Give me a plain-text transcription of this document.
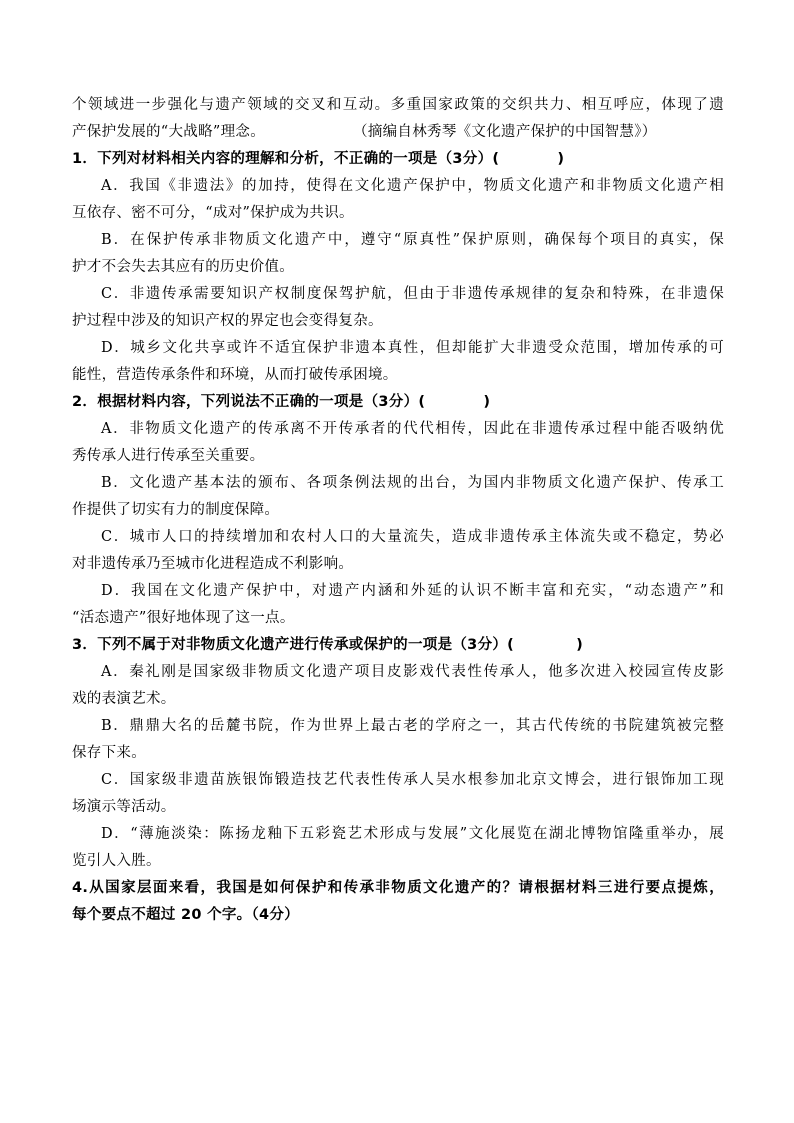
个领域进一步强化与遗产领域的交叉和互动。多重国家政策的交织共力、相互呼应，体现了遗
产保护发展的“大战略”理念。	（摘编自林秀琴《文化遗产保护的中国智慧》）
1．下列对材料相关内容的理解和分析，不正确的一项是（3分）(	)
A．我国《非遗法》的加持，使得在文化遗产保护中，物质文化遗产和非物质文化遗产相
互依存、密不可分，“成对”保护成为共识。
B．在保护传承非物质文化遗产中，遵守“原真性”保护原则，确保每个项目的真实，保
护才不会失去其应有的历史价值。
C．非遗传承需要知识产权制度保驾护航，但由于非遗传承规律的复杂和特殊，在非遗保
护过程中涉及的知识产权的界定也会变得复杂。
D．城乡文化共享或许不适宜保护非遗本真性，但却能扩大非遗受众范围，增加传承的可
能性，营造传承条件和环境，从而打破传承困境。
2．根据材料内容，下列说法不正确的一项是（3分）(	)
A．非物质文化遗产的传承离不开传承者的代代相传，因此在非遗传承过程中能否吸纳优
秀传承人进行传承至关重要。
B．文化遗产基本法的颁布、各项条例法规的出台，为国内非物质文化遗产保护、传承工
作提供了切实有力的制度保障。
C．城市人口的持续增加和农村人口的大量流失，造成非遗传承主体流失或不稳定，势必
对非遗传承乃至城市化进程造成不利影响。
D．我国在文化遗产保护中，对遗产内涵和外延的认识不断丰富和充实，“动态遗产”和
“活态遗产”很好地体现了这一点。
3．下列不属于对非物质文化遗产进行传承或保护的一项是（3分）(	)
A．秦礼刚是国家级非物质文化遗产项目皮影戏代表性传承人，他多次进入校园宣传皮影
戏的表演艺术。
B．鼎鼎大名的岳麓书院，作为世界上最古老的学府之一，其古代传统的书院建筑被完整
保存下来。
C．国家级非遗苗族银饰锻造技艺代表性传承人吴水根参加北京文博会，进行银饰加工现
场演示等活动。
D．“薄施淡染：陈扬龙釉下五彩瓷艺术形成与发展”文化展览在湖北博物馆隆重举办，展
览引人入胜。
4.从国家层面来看，我国是如何保护和传承非物质文化遗产的？请根据材料三进行要点提炼，
每个要点不超过 20 个字。（4分）
